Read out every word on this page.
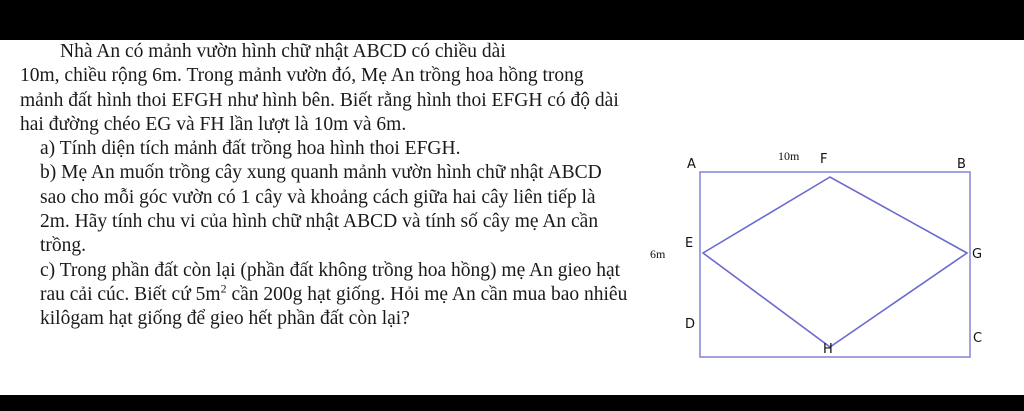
Nhà An có mảnh vườn hình chữ nhật ABCD có chiều dài

10m, chiều rộng 6m. Trong mảnh vườn đó, Mẹ An trồng hoa hồng trong mảnh đất hình thoi EFGH như hình bên. Biết rằng hình thoi EFGH có độ dài hai đường chéo EG và FH lần lượt là 10m và 6m.

a) Tính diện tích mảnh đất trồng hoa hình thoi EFGH.

b) Mẹ An muốn trồng cây xung quanh mảnh vườn hình chữ nhật ABCD sao cho mỗi góc vườn có 1 cây và khoảng cách giữa hai cây liên tiếp là 2m. Hãy tính chu vi của hình chữ nhật ABCD và tính số cây mẹ An cần trồng.

c) Trong phần đất còn lại (phần đất không trồng hoa hồng) mẹ An gieo hạt rau cải cúc. Biết cứ $5m^2$ cần 200g hạt giống. Hỏi mẹ An cần mua bao nhiêu kilôgam hạt giống để gieo hết phần đất còn lại?

A	B
C
D
E
F
G
H
10m
6m
